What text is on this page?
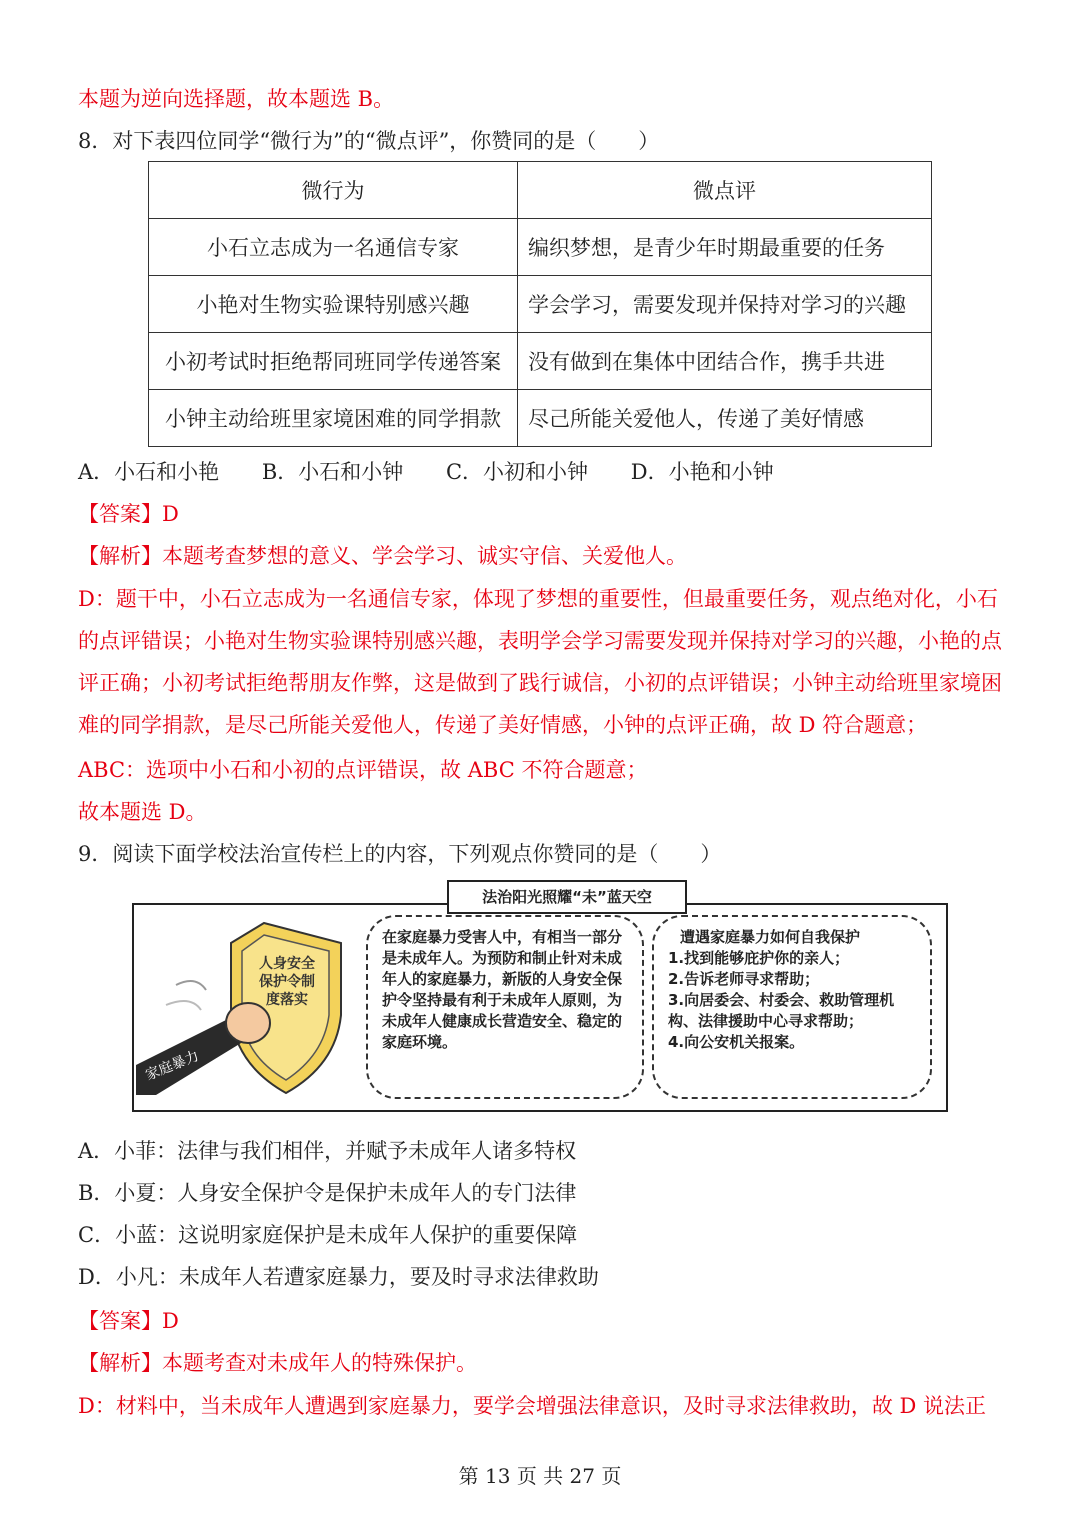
本题为逆向选择题，故本题选 B。
8．对下表四位同学“微行为”的“微点评”，你赞同的是（　　）
微行为	微点评
小石立志成为一名通信专家	编织梦想，是青少年时期最重要的任务
小艳对生物实验课特别感兴趣	学会学习，需要发现并保持对学习的兴趣
小初考试时拒绝帮同班同学传递答案	没有做到在集体中团结合作，携手共进
小钟主动给班里家境困难的同学捐款	尽己所能关爱他人，传递了美好情感
A．小石和小艳 B．小石和小钟 C．小初和小钟 D．小艳和小钟
【答案】D
【解析】本题考查梦想的意义、学会学习、诚实守信、关爱他人。
D：题干中，小石立志成为一名通信专家，体现了梦想的重要性，但最重要任务，观点绝对化，小石的点评错误；小艳对生物实验课特别感兴趣，表明学会学习需要发现并保持对学习的兴趣，小艳的点评正确；小初考试拒绝帮朋友作弊，这是做到了践行诚信，小初的点评错误；小钟主动给班里家境困难的同学捐款，是尽己所能关爱他人，传递了美好情感，小钟的点评正确，故 D 符合题意；
ABC：选项中小石和小初的点评错误，故 ABC 不符合题意；
故本题选 D。
9．阅读下面学校法治宣传栏上的内容，下列观点你赞同的是（　　）
人身安全保护令制度落实
家庭暴力
在家庭暴力受害人中，有相当一部分是未成年人。为预防和制止针对未成年人的家庭暴力，新版的人身安全保护令坚持最有利于未成年人原则，为未成年人健康成长营造安全、稳定的家庭环境。
遭遇家庭暴力如何自我保护
1.找到能够庇护你的亲人；
2.告诉老师寻求帮助；
3.向居委会、村委会、救助管理机构、法律援助中心寻求帮助；
4.向公安机关报案。
法治阳光照耀“未”蓝天空
A．小菲：法律与我们相伴，并赋予未成年人诸多特权
B．小夏：人身安全保护令是保护未成年人的专门法律
C．小蓝：这说明家庭保护是未成年人保护的重要保障
D．小凡：未成年人若遭家庭暴力，要及时寻求法律救助
【答案】D
【解析】本题考查对未成年人的特殊保护。
D：材料中，当未成年人遭遇到家庭暴力，要学会增强法律意识，及时寻求法律救助，故 D 说法正
第 13 页 共 27 页
